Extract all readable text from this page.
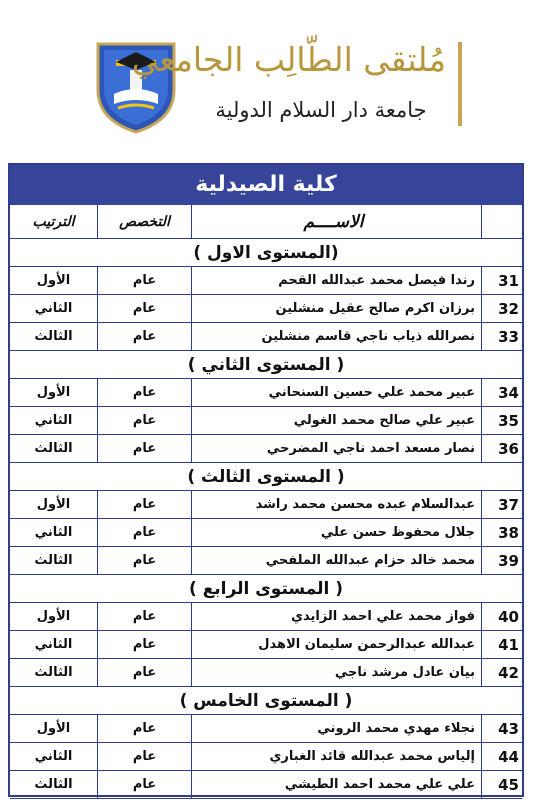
مُلتقى الطّالِب الجامعي
جامعة دار السلام الدولية
كلية الصيدلية
الاســــم
التخصص
الترتيب
(المستوى الاول )
31
رندا فيصل محمد عبدالله القحم
عام
الأول
32
برزان اكرم صالح عقيل منشلين
عام
الثاني
33
نصرالله ذياب ناجي قاسم منشلين
عام
الثالث
( المستوى الثاني )
34
عبير محمد علي حسين السنحاني
عام
الأول
35
عبير علي صالح محمد الغولي
عام
الثاني
36
نصار مسعد احمد ناجي المضرحي
عام
الثالث
( المستوى الثالث )
37
عبدالسلام عبده محسن محمد راشد
عام
الأول
38
جلال محفوظ حسن علي
عام
الثاني
39
محمد خالد حزام عبدالله الملفحي
عام
الثالث
( المستوى الرابع )
40
فواز محمد علي احمد الزايدي
عام
الأول
41
عبدالله عبدالرحمن سليمان الاهدل
عام
الثاني
42
بيان عادل مرشد ناجي
عام
الثالث
( المستوى الخامس )
43
نجلاء مهدي محمد الروني
عام
الأول
44
إلياس محمد عبدالله قائد الغباري
عام
الثاني
45
علي علي محمد احمد الطيشي
عام
الثالث
